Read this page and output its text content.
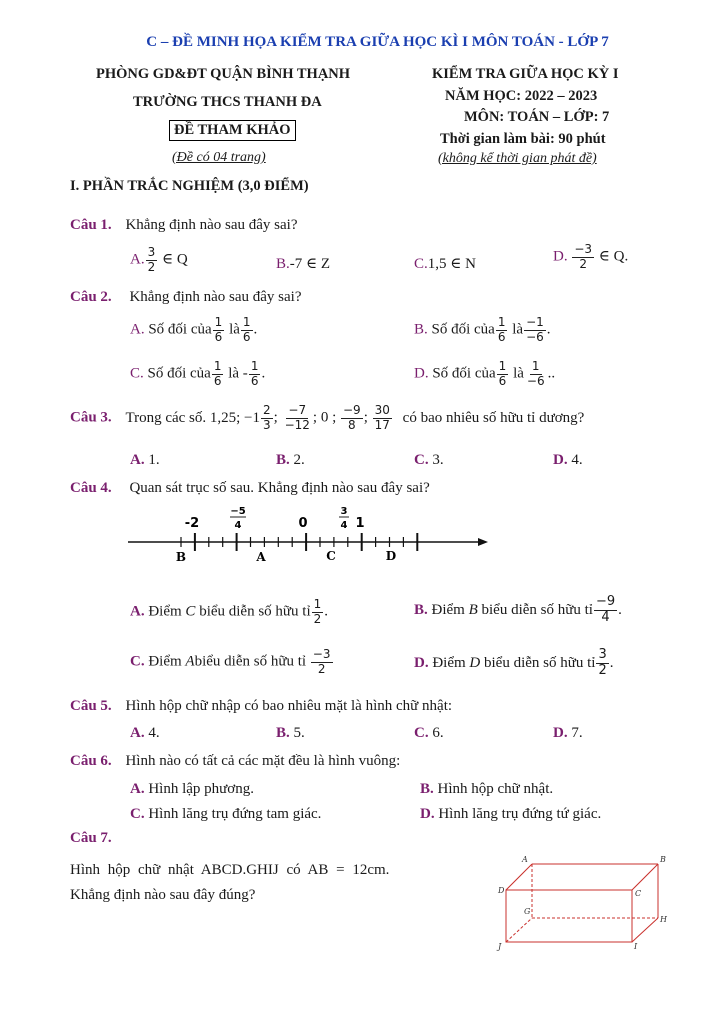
C – ĐỀ MINH HỌA KIỂM TRA GIỮA HỌC KÌ I MÔN TOÁN - LỚP 7
PHÒNG GD&ĐT QUẬN BÌNH THẠNH
TRƯỜNG THCS THANH ĐA
ĐỀ THAM KHẢO
(Đề có 04 trang)
KIỂM TRA GIỮA HỌC KỲ I
NĂM HỌC: 2022 – 2023
MÔN: TOÁN – LỚP: 7
Thời gian làm bài: 90 phút
(không kể thời gian phát đề)
I. PHẦN TRẮC NGHIỆM (3,0 ĐIỂM)
Câu 1. Khẳng định nào sau đây sai?
A. $\frac{3}{2}$ ∈ Q	B.-7 ∈ Z	C.1,5 ∈ N	D. $\frac{-3}{2}$ ∈ Q.
Câu 2. Khẳng định nào sau đây sai?
A. Số đối của $\frac{1}{6}$ là $\frac{1}{6}$ .	B. Số đối của $\frac{1}{6}$ là $\frac{-1}{-6}$ .
C. Số đối của $\frac{1}{6}$ là - $\frac{1}{6}$ .	D. Số đối của $\frac{1}{6}$ là $\frac{1}{-6}$ ..
Câu 3. Trong các số. 1,25; $-1 \frac{2}{3}$ ; $\frac{-7}{-12}$ ; 0 ; $\frac{-9}{8}$ ; $\frac{30}{17}$ có bao nhiêu số hữu tỉ dương?
A. 1.	B. 2.	C. 3.	D. 4.
Câu 4. Quan sát trục số sau. Khẳng định nào sau đây sai?
-2	0	1
−5
4
3
4
B	A	C	D
A. Điểm C biểu diễn số hữu tỉ $\frac{1}{2}$ .	B. Điểm B biểu diễn số hữu tỉ $\frac{-9}{4}$ .
C. Điểm Abiểu diễn số hữu tỉ $\frac{-3}{2}$	D. Điểm D biểu diễn số hữu tỉ $\frac{3}{2}$ .
Câu 5. Hình hộp chữ nhập có bao nhiêu mặt là hình chữ nhật:
A. 4.	B. 5.	C. 6.	D. 7.
Câu 6. Hình nào có tất cả các mặt đều là hình vuông:
A. Hình lập phương.	B. Hình hộp chữ nhật.
C. Hình lăng trụ đứng tam giác.	D. Hình lăng trụ đứng tứ giác.
Câu 7.
Hình hộp chữ nhật ABCD.GHIJ có AB = 12cm.
Khẳng định nào sau đây đúng?
A	B
C
D
G
H
I
J
